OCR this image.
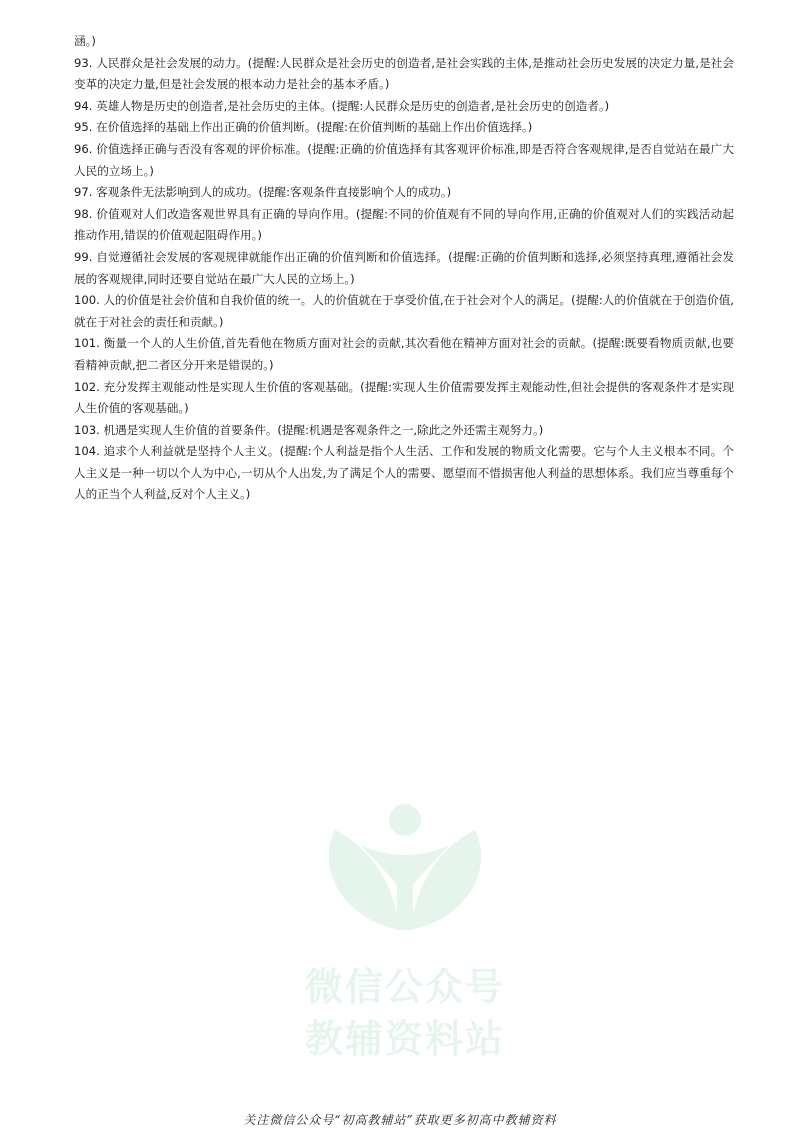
涵。)

93. 人民群众是社会发展的动力。(提醒:人民群众是社会历史的创造者,是社会实践的主体,是推动社会历史发展的决定力量,是社会变革的决定力量,但是社会发展的根本动力是社会的基本矛盾。)

94. 英雄人物是历史的创造者,是社会历史的主体。(提醒:人民群众是历史的创造者,是社会历史的创造者。)

95. 在价值选择的基础上作出正确的价值判断。(提醒:在价值判断的基础上作出价值选择。)

96. 价值选择正确与否没有客观的评价标准。(提醒:正确的价值选择有其客观评价标准,即是否符合客观规律,是否自觉站在最广大人民的立场上。)

97. 客观条件无法影响到人的成功。(提醒:客观条件直接影响个人的成功。)

98. 价值观对人们改造客观世界具有正确的导向作用。(提醒:不同的价值观有不同的导向作用,正确的价值观对人们的实践活动起推动作用,错误的价值观起阻碍作用。)

99. 自觉遵循社会发展的客观规律就能作出正确的价值判断和价值选择。(提醒:正确的价值判断和选择,必须坚持真理,遵循社会发展的客观规律,同时还要自觉站在最广大人民的立场上。)

100. 人的价值是社会价值和自我价值的统一。人的价值就在于享受价值,在于社会对个人的满足。(提醒:人的价值就在于创造价值,就在于对社会的责任和贡献。)

101. 衡量一个人的人生价值,首先看他在物质方面对社会的贡献,其次看他在精神方面对社会的贡献。(提醒:既要看物质贡献,也要看精神贡献,把二者区分开来是错误的。)

102. 充分发挥主观能动性是实现人生价值的客观基础。(提醒:实现人生价值需要发挥主观能动性,但社会提供的客观条件才是实现人生价值的客观基础。)

103. 机遇是实现人生价值的首要条件。(提醒:机遇是客观条件之一,除此之外还需主观努力。)

104. 追求个人利益就是坚持个人主义。(提醒:个人利益是指个人生活、工作和发展的物质文化需要。它与个人主义根本不同。个人主义是一种一切以个人为中心,一切从个人出发,为了满足个人的需要、愿望而不惜损害他人利益的思想体系。我们应当尊重每个人的正当个人利益,反对个人主义。)

微信公众号
教辅资料站
关注微信公众号“初高教辅站”获取更多初高中教辅资料
